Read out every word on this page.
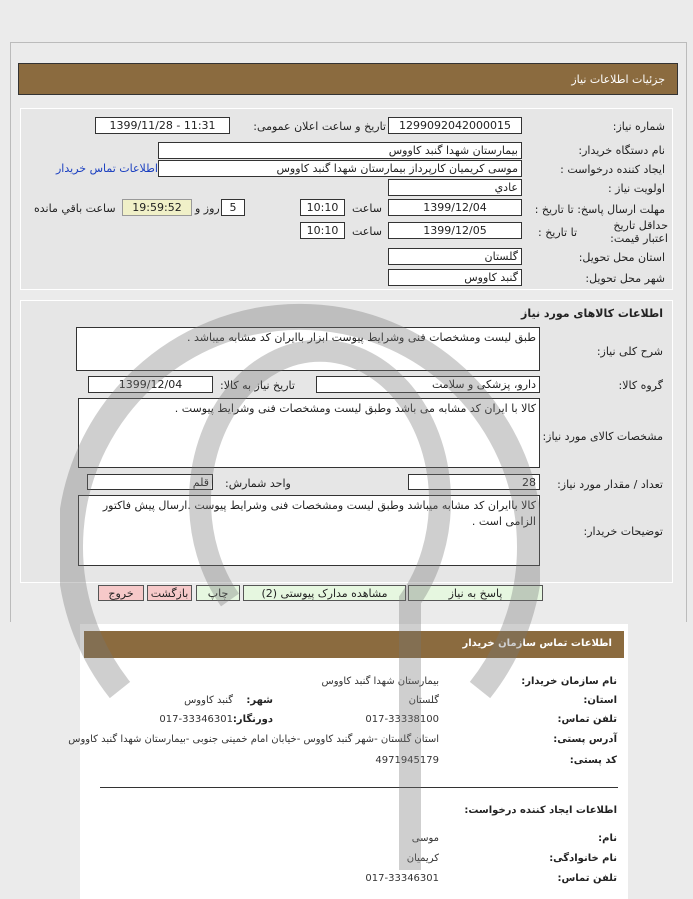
جزئیات اطلاعات نیاز
شماره نیاز:
1299092042000015
تاریخ و ساعت اعلان عمومی:
1399/11/28 - 11:31
نام دستگاه خریدار:
بیمارستان شهدا گنبد کاووس
ایجاد کننده درخواست :
موسی کریمیان کارپرداز بیمارستان شهدا گنبد کاووس
اطلاعات تماس خریدار
اولویت نیاز :
عادي
مهلت ارسال پاسخ: تا تاریخ :
1399/12/04
ساعت
10:10
5
روز و
19:59:52
ساعت باقي مانده
حداقل تاریخ اعتبار قیمت:
تا تاریخ :
1399/12/05
ساعت
10:10
استان محل تحویل:
گلستان
شهر محل تحویل:
گنبد کاووس
اطلاعات کالاهای مورد نیاز
شرح کلی نیاز:
طبق لیست ومشخصات فنی وشرایط پیوست ابزار باایران کد مشابه میباشد .
گروه کالا:
دارو، پزشکی و سلامت
تاریخ نیاز به کالا:
1399/12/04
مشخصات کالای مورد نیاز:
کالا با ایران کد مشابه می باشد وطبق لیست ومشخصات فنی وشرایط پیوست .
تعداد / مقدار مورد نیاز:
28
واحد شمارش:
قلم
توضیحات خریدار:
کالا باایران کد مشابه میباشد وطبق لیست ومشخصات فنی وشرایط پیوست .ارسال پیش فاکتور الزامی است .
پاسخ به نیاز
مشاهده مدارک پیوستی (2)
چاپ
بازگشت
خروج
اطلاعات تماس سازمان خریدار
نام سازمان خریدار:
بیمارستان شهدا گنبد کاووس
استان:
گلستان
شهر:
گنبد کاووس
تلفن تماس:
017-33338100
دورنگار:
017-33346301
آدرس پستی:
استان گلستان -شهر گنبد کاووس -خیابان امام خمینی جنوبی -بیمارستان شهدا گنبد کاووس
کد پستی:
4971945179
اطلاعات ایجاد کننده درخواست:
نام:
موسی
نام خانوادگی:
کریمیان
تلفن تماس:
017-33346301
